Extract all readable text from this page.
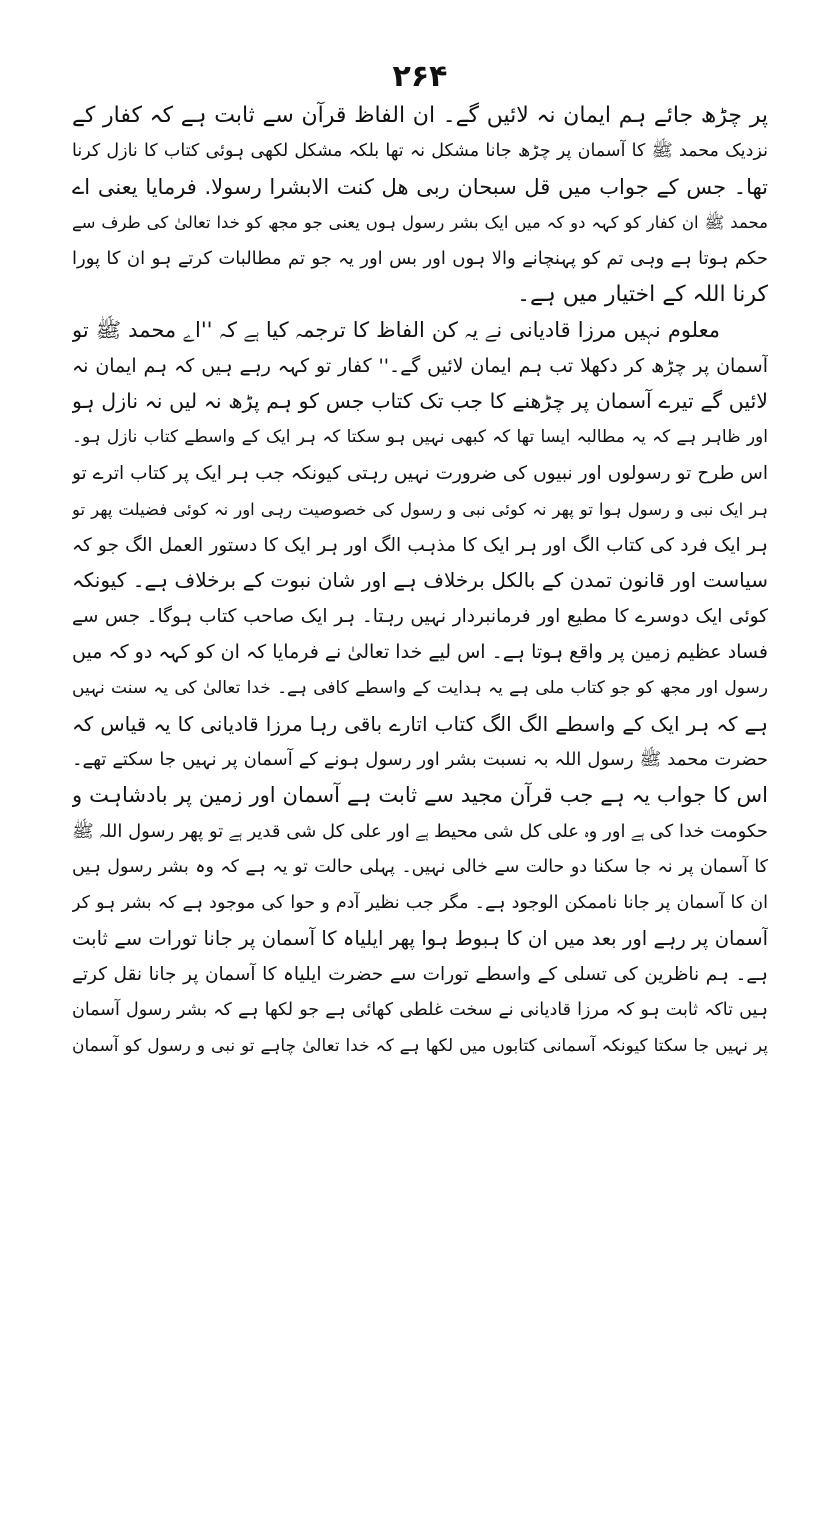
۲۶۴
پر چڑھ جائے ہم ایمان نہ لائیں گے۔ ان الفاظ قرآن سے ثابت ہے کہ کفار کے
نزدیک محمد ﷺ کا آسمان پر چڑھ جانا مشکل نہ تھا بلکہ مشکل لکھی ہوئی کتاب کا نازل کرنا
تھا۔ جس کے جواب میں قل سبحان ربی هل کنت الابشرا رسولا. فرمایا یعنی اے
محمد ﷺ ان کفار کو کہہ دو کہ میں ایک بشر رسول ہوں یعنی جو مجھ کو خدا تعالیٰ کی طرف سے
حکم ہوتا ہے وہی تم کو پہنچانے والا ہوں اور بس اور یہ جو تم مطالبات کرتے ہو ان کا پورا
کرنا اللہ کے اختیار میں ہے۔
معلوم نہیں مرزا قادیانی نے یہ کن الفاظ کا ترجمہ کیا ہے کہ ''اے محمد ﷺ تو
آسمان پر چڑھ کر دکھلا تب ہم ایمان لائیں گے۔'' کفار تو کہہ رہے ہیں کہ ہم ایمان نہ
لائیں گے تیرے آسمان پر چڑھنے کا جب تک کتاب جس کو ہم پڑھ نہ لیں نہ نازل ہو
اور ظاہر ہے کہ یہ مطالبہ ایسا تھا کہ کبھی نہیں ہو سکتا کہ ہر ایک کے واسطے کتاب نازل ہو۔
اس طرح تو رسولوں اور نبیوں کی ضرورت نہیں رہتی کیونکہ جب ہر ایک پر کتاب اترے تو
ہر ایک نبی و رسول ہوا تو پھر نہ کوئی نبی و رسول کی خصوصیت رہی اور نہ کوئی فضیلت پھر تو
ہر ایک فرد کی کتاب الگ اور ہر ایک کا مذہب الگ اور ہر ایک کا دستور العمل الگ جو کہ
سیاست اور قانون تمدن کے بالکل برخلاف ہے اور شان نبوت کے برخلاف ہے۔ کیونکہ
کوئی ایک دوسرے کا مطیع اور فرمانبردار نہیں رہتا۔ ہر ایک صاحب کتاب ہوگا۔ جس سے
فساد عظیم زمین پر واقع ہوتا ہے۔ اس لیے خدا تعالیٰ نے فرمایا کہ ان کو کہہ دو کہ میں
رسول اور مجھ کو جو کتاب ملی ہے یہ ہدایت کے واسطے کافی ہے۔ خدا تعالیٰ کی یہ سنت نہیں
ہے کہ ہر ایک کے واسطے الگ الگ کتاب اتارے باقی رہا مرزا قادیانی کا یہ قیاس کہ
حضرت محمد ﷺ رسول اللہ بہ نسبت بشر اور رسول ہونے کے آسمان پر نہیں جا سکتے تھے۔
اس کا جواب یہ ہے جب قرآن مجید سے ثابت ہے آسمان اور زمین پر بادشاہت و
حکومت خدا کی ہے اور وہ علی کل شی محیط ہے اور علی کل شی قدیر ہے تو پھر رسول اللہ ﷺ
کا آسمان پر نہ جا سکنا دو حالت سے خالی نہیں۔ پہلی حالت تو یہ ہے کہ وہ بشر رسول ہیں
ان کا آسمان پر جانا ناممکن الوجود ہے۔ مگر جب نظیر آدم و حوا کی موجود ہے کہ بشر ہو کر
آسمان پر رہے اور بعد میں ان کا ہبوط ہوا پھر ایلیاہ کا آسمان پر جانا تورات سے ثابت
ہے۔ ہم ناظرین کی تسلی کے واسطے تورات سے حضرت ایلیاہ کا آسمان پر جانا نقل کرتے
ہیں تاکہ ثابت ہو کہ مرزا قادیانی نے سخت غلطی کھائی ہے جو لکھا ہے کہ بشر رسول آسمان
پر نہیں جا سکتا کیونکہ آسمانی کتابوں میں لکھا ہے کہ خدا تعالیٰ چاہے تو نبی و رسول کو آسمان
